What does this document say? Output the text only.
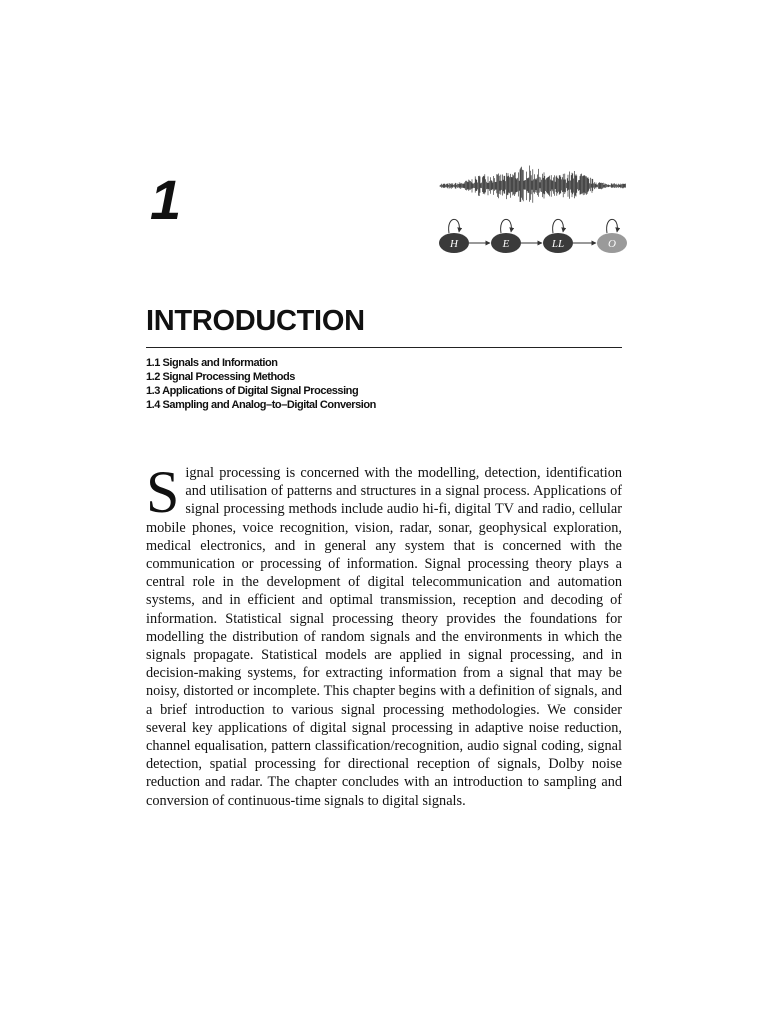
1
H	E	LL	O
INTRODUCTION
1.1 Signals and Information
1.2 Signal Processing Methods
1.3 Applications of Digital Signal Processing
1.4 Sampling and Analog–to–Digital Conversion

Signal processing is concerned with the modelling, detection, identification and utilisation of patterns and structures in a signal process. Applications of signal processing methods include audio hi-fi, digital TV and radio, cellular mobile phones, voice recognition, vision, radar, sonar, geophysical exploration, medical electronics, and in general any system that is concerned with the communication or processing of information. Signal processing theory plays a central role in the development of digital telecommunication and automation systems, and in efficient and optimal transmission, reception and decoding of information. Statistical signal processing theory provides the foundations for modelling the distribution of random signals and the environments in which the signals propagate. Statistical models are applied in signal processing, and in decision-making systems, for extracting information from a signal that may be noisy, distorted or incomplete. This chapter begins with a definition of signals, and a brief introduction to various signal processing methodologies. We consider several key applications of digital signal processing in adaptive noise reduction, channel equalisation, pattern classification/recognition, audio signal coding, signal detection, spatial processing for directional reception of signals, Dolby noise reduction and radar. The chapter concludes with an introduction to sampling and conversion of continuous-time signals to digital signals.
